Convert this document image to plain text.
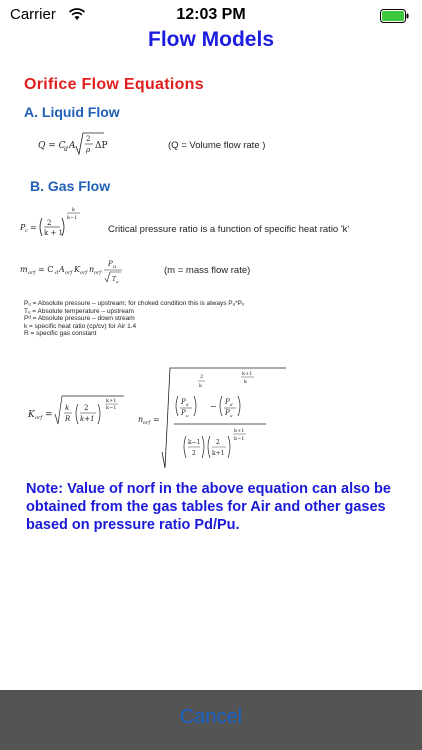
Carrier	12:03 PM
Flow Models
Orifice Flow Equations
A. Liquid Flow
Q = C
d A
2
ρ ΔP	(Q = Volume flow rate )
B. Gas Flow
P c = 2
k + 1
k
k−1
Critical pressure ratio is a function of specific heat ratio 'k'
m orf = C d A orf K orf n orf
P u
T u
(m = mass flow rate)
Pᵤ = Absolute pressure – upstream; for choked condition this is always Pᵤ*Pₓ
Tᵤ = Absolute temperature – upstream
Pᵈ = Absolute pressure – down stream
k = specific heat ratio (cp/cv) for Air 1.4
R = specific gas constant
K orf =
k
R
2
k+1
k+1
k−1
n orf =
P d
P u
2
k
− P d
P u
k+1
k
k−1
2
2
k+1
k+1
k−1
Note: Value of norf in the above equation can also be obtained from the gas tables for Air and other gases based on pressure ratio Pd/Pu.
Cancel
